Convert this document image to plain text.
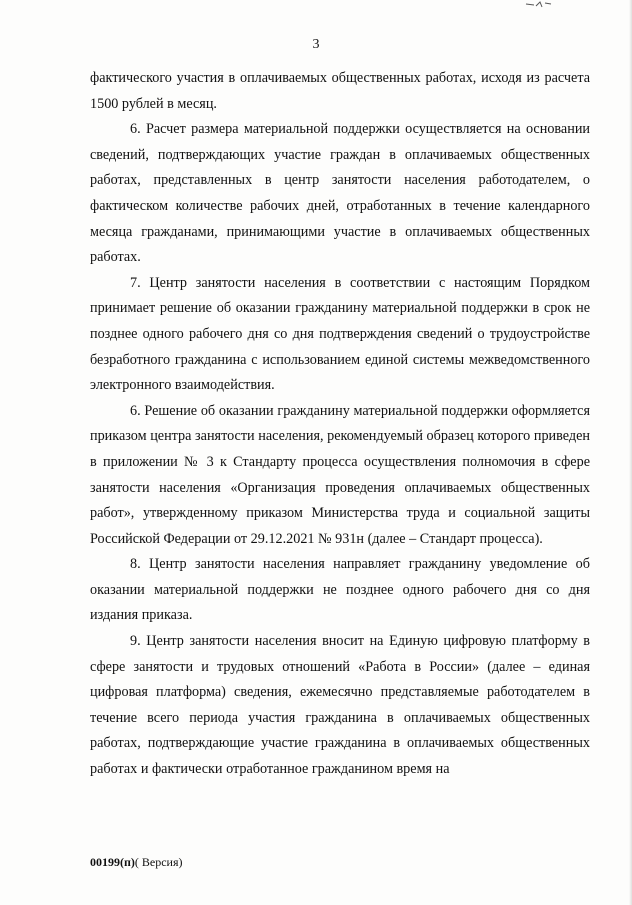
3

фактического участия в оплачиваемых общественных работах, исходя из расчета 1500 рублей в месяц.

6. Расчет размера материальной поддержки осуществляется на основании сведений, подтверждающих участие граждан в оплачиваемых общественных работах, представленных в центр занятости населения работодателем, о фактическом количестве рабочих дней, отработанных в течение календарного месяца гражданами, принимающими участие в оплачиваемых общественных работах.

7. Центр занятости населения в соответствии с настоящим Порядком принимает решение об оказании гражданину материальной поддержки в срок не позднее одного рабочего дня со дня подтверждения сведений о трудоустройстве безработного гражданина с использованием единой системы межведомственного электронного взаимодействия.

6. Решение об оказании гражданину материальной поддержки оформляется приказом центра занятости населения, рекомендуемый образец которого приведен в приложении № 3 к Стандарту процесса осуществления полномочия в сфере занятости населения «Организация проведения оплачиваемых общественных работ», утвержденному приказом Министерства труда и социальной защиты Российской Федерации от 29.12.2021 № 931н (далее – Стандарт процесса).

8. Центр занятости населения направляет гражданину уведомление об оказании материальной поддержки не позднее одного рабочего дня со дня издания приказа.

9. Центр занятости населения вносит на Единую цифровую платформу в сфере занятости и трудовых отношений «Работа в России» (далее – единая цифровая платформа) сведения, ежемесячно представляемые работодателем в течение всего периода участия гражданина в оплачиваемых общественных работах, подтверждающие участие гражданина в оплачиваемых общественных работах и фактически отработанное гражданином время на

00199(п)( Версия)
